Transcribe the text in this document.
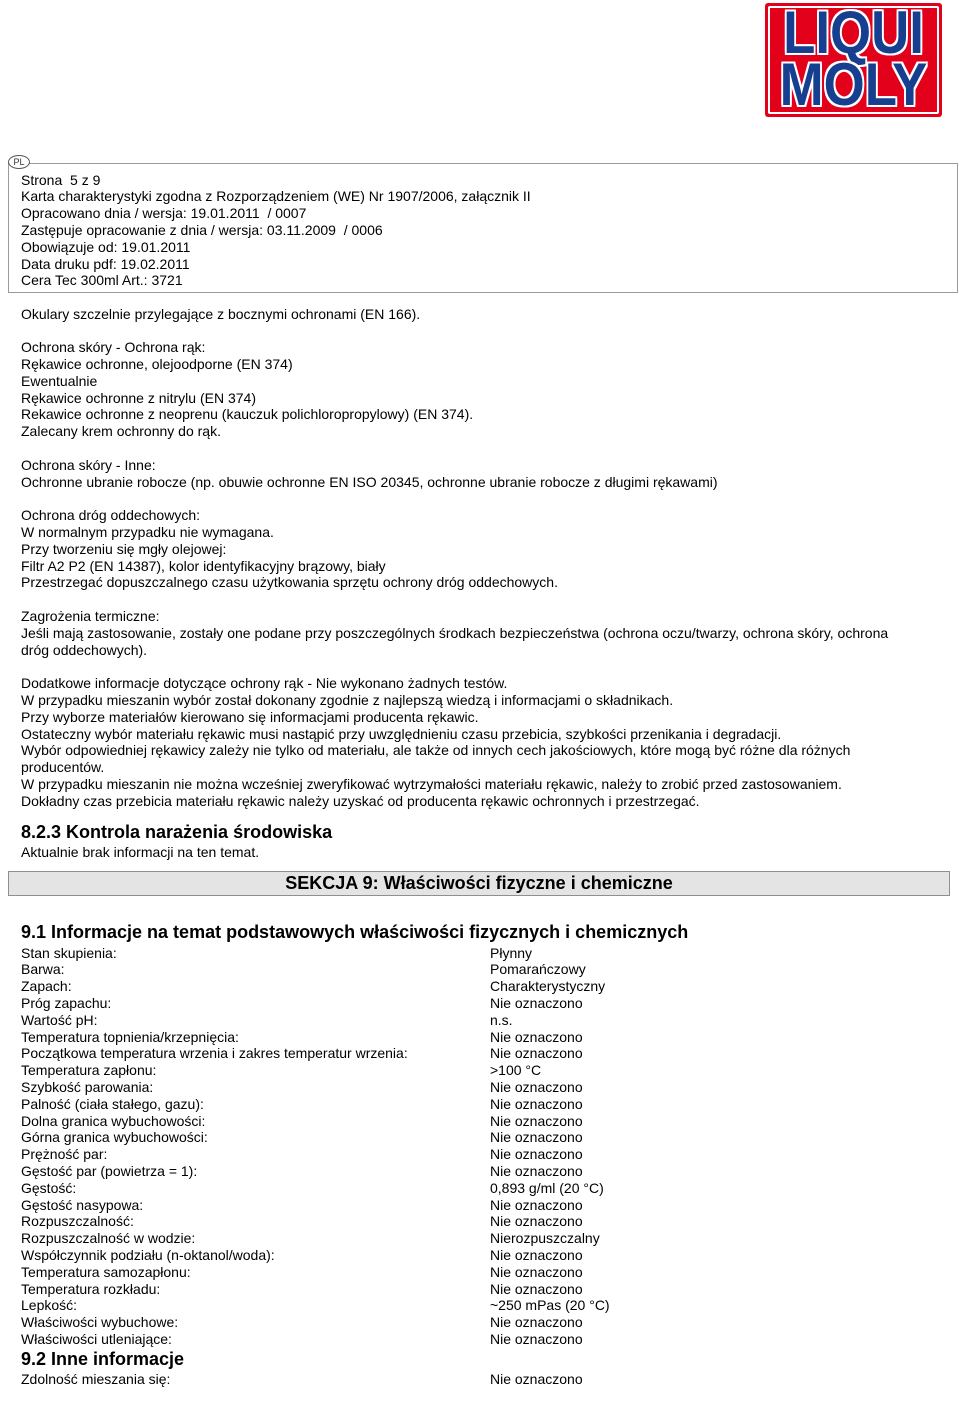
LIQUI
MOLY
PL
Strona  5 z 9
Karta charakterystyki zgodna z Rozporządzeniem (WE) Nr 1907/2006, załącznik II
Opracowano dnia / wersja: 19.01.2011  / 0007
Zastępuje opracowanie z dnia / wersja: 03.11.2009  / 0006
Obowiązuje od: 19.01.2011
Data druku pdf: 19.02.2011
Cera Tec 300ml Art.: 3721
Okulary szczelnie przylegające z bocznymi ochronami (EN 166).
Ochrona skóry - Ochrona rąk:
Rękawice ochronne, olejoodporne (EN 374)
Ewentualnie
Rękawice ochronne z nitrylu (EN 374)
Rekawice ochronne z neoprenu (kauczuk polichloropropylowy) (EN 374).
Zalecany krem ochronny do rąk.
Ochrona skóry - Inne:
Ochronne ubranie robocze (np. obuwie ochronne EN ISO 20345, ochronne ubranie robocze z długimi rękawami)
Ochrona dróg oddechowych:
W normalnym przypadku nie wymagana.
Przy tworzeniu się mgły olejowej:
Filtr A2 P2 (EN 14387), kolor identyfikacyjny brązowy, biały
Przestrzegać dopuszczalnego czasu użytkowania sprzętu ochrony dróg oddechowych.
Zagrożenia termiczne:
Jeśli mają zastosowanie, zostały one podane przy poszczególnych środkach bezpieczeństwa (ochrona oczu/twarzy, ochrona skóry, ochrona
dróg oddechowych).
Dodatkowe informacje dotyczące ochrony rąk - Nie wykonano żadnych testów.
W przypadku mieszanin wybór został dokonany zgodnie z najlepszą wiedzą i informacjami o składnikach.
Przy wyborze materiałów kierowano się informacjami producenta rękawic.
Ostateczny wybór materiału rękawic musi nastąpić przy uwzględnieniu czasu przebicia, szybkości przenikania i degradacji.
Wybór odpowiedniej rękawicy zależy nie tylko od materiału, ale także od innych cech jakościowych, które mogą być różne dla różnych
producentów.
W przypadku mieszanin nie można wcześniej zweryfikować wytrzymałości materiału rękawic, należy to zrobić przed zastosowaniem.
Dokładny czas przebicia materiału rękawic należy uzyskać od producenta rękawic ochronnych i przestrzegać.
8.2.3 Kontrola narażenia środowiska
Aktualnie brak informacji na ten temat.
SEKCJA 9: Właściwości fizyczne i chemiczne
9.1 Informacje na temat podstawowych właściwości fizycznych i chemicznych
Stan skupienia:	Płynny
Barwa:	Pomarańczowy
Zapach:	Charakterystyczny
Próg zapachu:	Nie oznaczono
Wartość pH:	n.s.
Temperatura topnienia/krzepnięcia:	Nie oznaczono
Początkowa temperatura wrzenia i zakres temperatur wrzenia:	Nie oznaczono
Temperatura zapłonu:	>100 °C
Szybkość parowania:	Nie oznaczono
Palność (ciała stałego, gazu):	Nie oznaczono
Dolna granica wybuchowości:	Nie oznaczono
Górna granica wybuchowości:	Nie oznaczono
Prężność par:	Nie oznaczono
Gęstość par (powietrza = 1):	Nie oznaczono
Gęstość:	0,893 g/ml (20 °C)
Gęstość nasypowa:	Nie oznaczono
Rozpuszczalność:	Nie oznaczono
Rozpuszczalność w wodzie:	Nierozpuszczalny
Współczynnik podziału (n-oktanol/woda):	Nie oznaczono
Temperatura samozapłonu:	Nie oznaczono
Temperatura rozkładu:	Nie oznaczono
Lepkość:	~250 mPas (20 °C)
Właściwości wybuchowe:	Nie oznaczono
Właściwości utleniające:	Nie oznaczono
9.2 Inne informacje
Zdolność mieszania się:	Nie oznaczono
